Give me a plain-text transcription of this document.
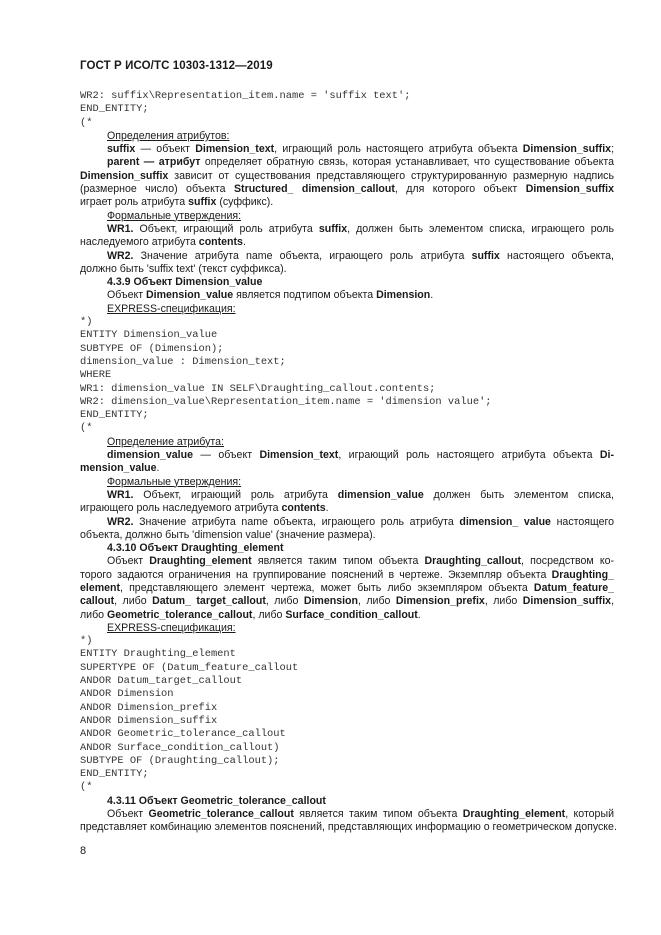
ГОСТ Р ИСО/ТС 10303-1312—2019
WR2: suffix\Representation_item.name = 'suffix text';
END_ENTITY;
(*
Определения атрибутов:
suffix — объект Dimension_text, играющий роль настоящего атрибута объекта Dimension_suffix;
parent — атрибут определяет обратную связь, которая устанавливает, что существование объекта
Dimension_suffix зависит от существования представляющего структурированную размерную надпись
(размерное число) объекта Structured_ dimension_callout, для которого объект Dimension_suffix
играет роль атрибута suffix (суффикс).
Формальные утверждения:
WR1. Объект, играющий роль атрибута suffix, должен быть элементом списка, играющего роль
наследуемого атрибута contents.
WR2. Значение атрибута name объекта, играющего роль атрибута suffix настоящего объекта,
должно быть 'suffix text' (текст суффикса).
4.3.9 Объект Dimension_value
Объект Dimension_value является подтипом объекта Dimension.
EXPRESS-спецификация:
*)
ENTITY Dimension_value
SUBTYPE OF (Dimension);
dimension_value : Dimension_text;
WHERE
WR1: dimension_value IN SELF\Draughting_callout.contents;
WR2: dimension_value\Representation_item.name = 'dimension value';
END_ENTITY;
(*
Определение атрибута:
dimension_value — объект Dimension_text, играющий роль настоящего атрибута объекта Di-
mension_value.
Формальные утверждения:
WR1. Объект, играющий роль атрибута dimension_value должен быть элементом списка,
играющего роль наследуемого атрибута contents.
WR2. Значение атрибута name объекта, играющего роль атрибута dimension_ value настоящего
объекта, должно быть 'dimension value' (значение размера).
4.3.10 Объект Draughting_element
Объект Draughting_element является таким типом объекта Draughting_callout, посредством ко-
торого задаются ограничения на группирование пояснений в чертеже. Экземпляр объекта Draughting_
element, представляющего элемент чертежа, может быть либо экземпляром объекта Datum_feature_
callout, либо Datum_ target_callout, либо Dimension, либо Dimension_prefix, либо Dimension_suffix,
либо Geometric_tolerance_callout, либо Surface_condition_callout.
EXPRESS-спецификация:
*)
ENTITY Draughting_element
SUPERTYPE OF (Datum_feature_callout
ANDOR Datum_target_callout
ANDOR Dimension
ANDOR Dimension_prefix
ANDOR Dimension_suffix
ANDOR Geometric_tolerance_callout
ANDOR Surface_condition_callout)
SUBTYPE OF (Draughting_callout);
END_ENTITY;
(*
4.3.11 Объект Geometric_tolerance_callout
Объект Geometric_tolerance_callout является таким типом объекта Draughting_element, который
представляет комбинацию элементов пояснений, представляющих информацию о геометрическом допуске.
8
